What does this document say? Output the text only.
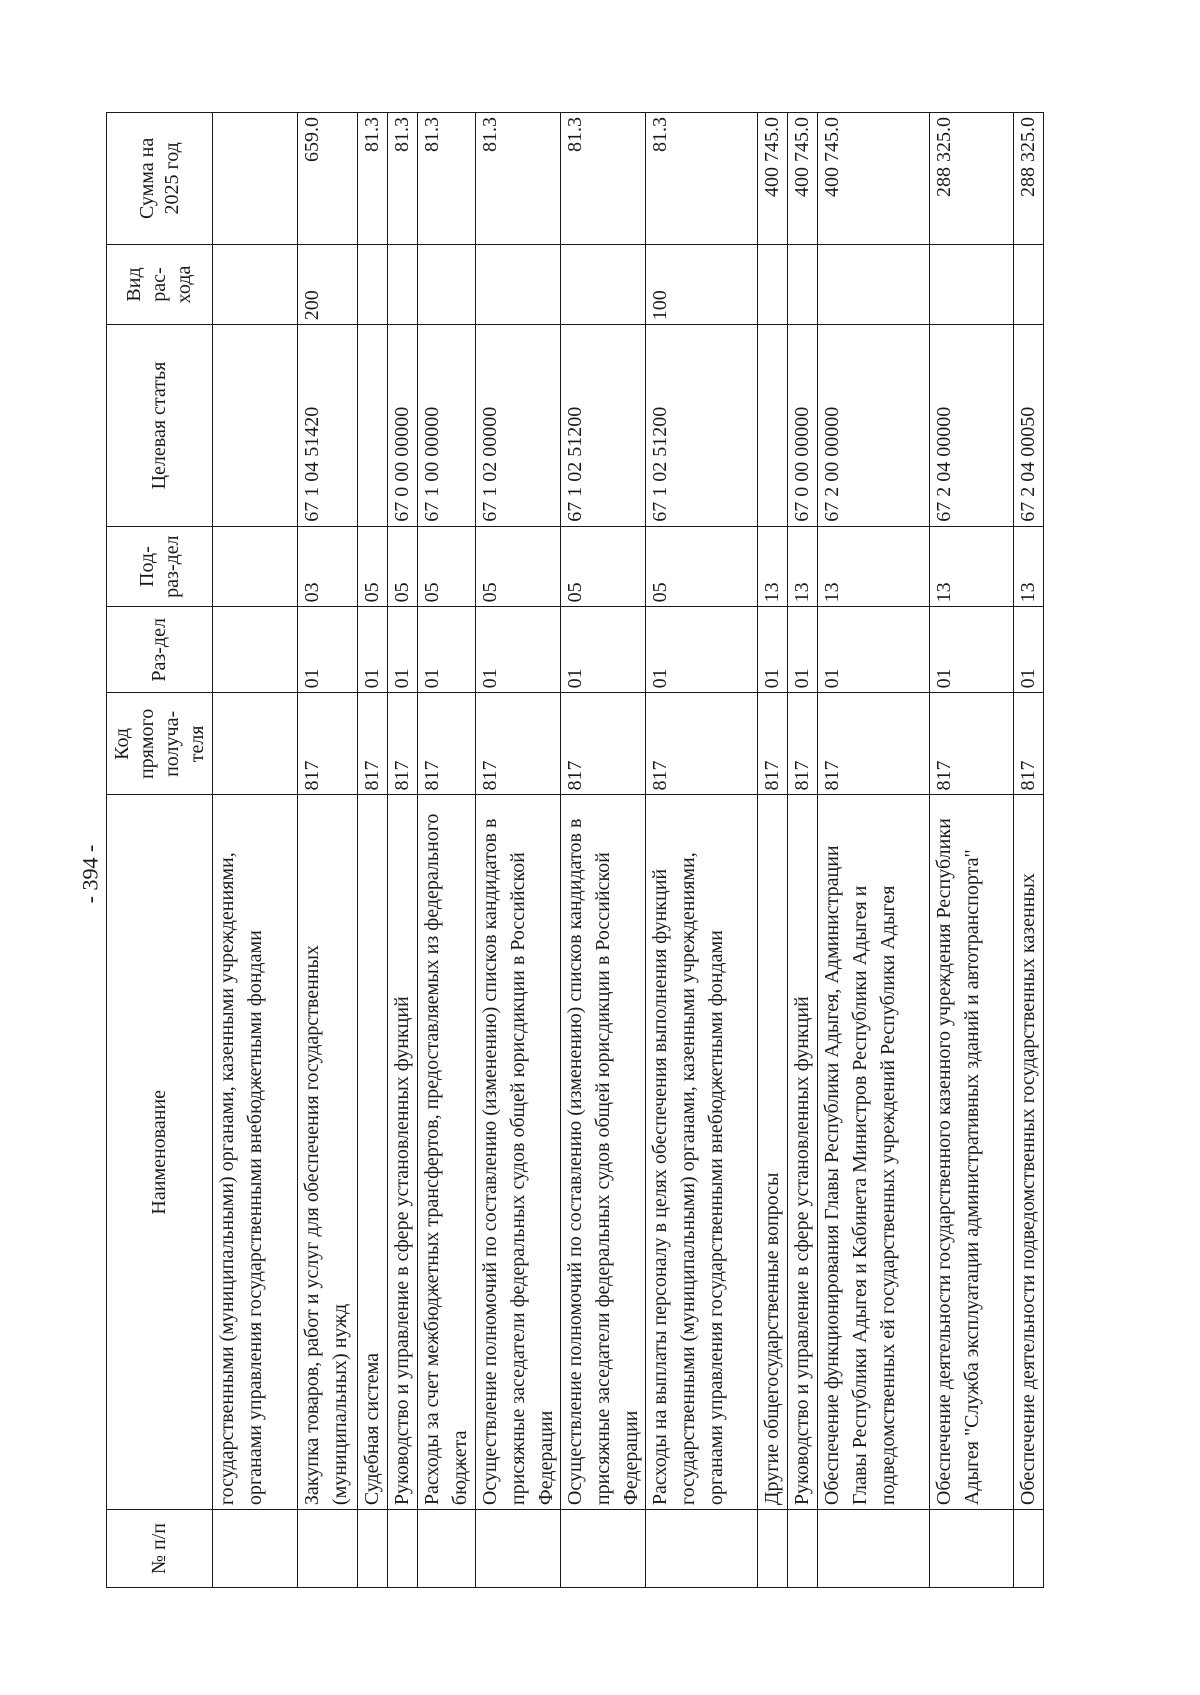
- 394 -
№ п/п	Наименование	Код прямого получа-теля	Раз-дел	Под-раз-дел	Целевая статья	Вид рас-хода	Сумма на 2025 год
	государственными (муниципальными) органами, казенными учреждениями, органами управления государственными внебюджетными фондами						
	Закупка товаров, работ и услуг для обеспечения государственных (муниципальных) нужд	817	01	03	67 1 04 51420	200	659.0
	Судебная система	817	01	05			81.3
	Руководство и управление в сфере установленных функций	817	01	05	67 0 00 00000		81.3
	Расходы за счет межбюджетных трансфертов, предоставляемых из федерального бюджета	817	01	05	67 1 00 00000		81.3
	Осуществление полномочий по составлению (изменению) списков кандидатов в присяжные заседатели федеральных судов общей юрисдикции в Российской Федерации	817	01	05	67 1 02 00000		81.3
	Осуществление полномочий по составлению (изменению) списков кандидатов в присяжные заседатели федеральных судов общей юрисдикции в Российской Федерации	817	01	05	67 1 02 51200		81.3
	Расходы на выплаты персоналу в целях обеспечения выполнения функций государственными (муниципальными) органами, казенными учреждениями, органами управления государственными внебюджетными фондами	817	01	05	67 1 02 51200	100	81.3
	Другие общегосударственные вопросы	817	01	13			400 745.0
	Руководство и управление в сфере установленных функций	817	01	13	67 0 00 00000		400 745.0
	Обеспечение функционирования Главы Республики Адыгея, Администрации Главы Республики Адыгея и Кабинета Министров Республики Адыгея и подведомственных ей государственных учреждений Республики Адыгея	817	01	13	67 2 00 00000		400 745.0
	Обеспечение деятельности государственного казенного учреждения Республики Адыгея "Служба эксплуатации административных зданий и автотранспорта"	817	01	13	67 2 04 00000		288 325.0
	Обеспечение деятельности подведомственных государственных казенных	817	01	13	67 2 04 00050		288 325.0
